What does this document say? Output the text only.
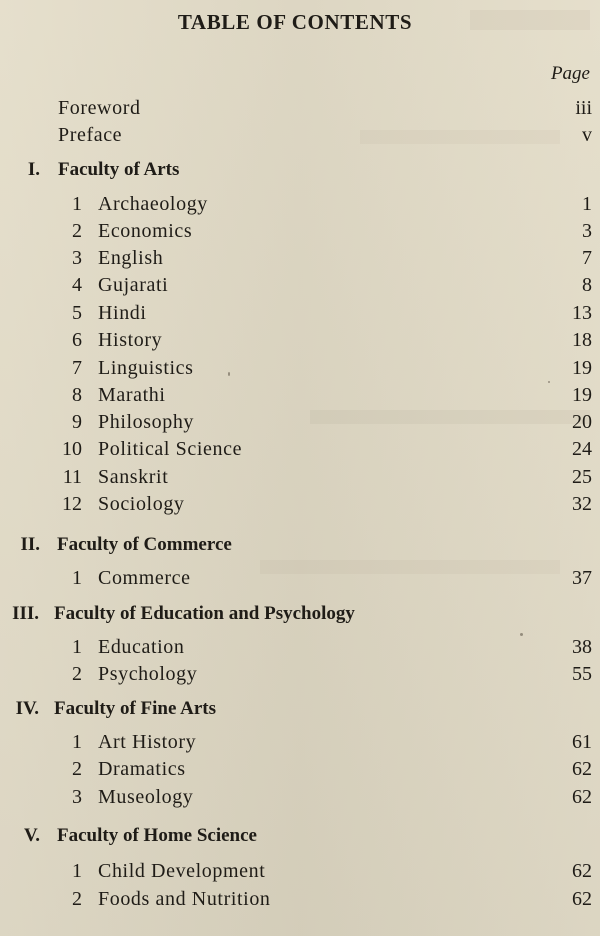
TABLE OF CONTENTS
Page
Foreword	iii
Preface	v
I. Faculty of Arts
1 Archaeology	1
2 Economics	3
3 English	7
4 Gujarati	8
5 Hindi	13
6 History	18
7 Linguistics	19
8 Marathi	19
9 Philosophy	20
10 Political Science	24
11 Sanskrit	25
12 Sociology	32
II. Faculty of Commerce
1 Commerce	37
III. Faculty of Education and Psychology
1 Education	38
2 Psychology	55
IV. Faculty of Fine Arts
1 Art History	61
2 Dramatics	62
3 Museology	62
V. Faculty of Home Science
1 Child Development	62
2 Foods and Nutrition	62
